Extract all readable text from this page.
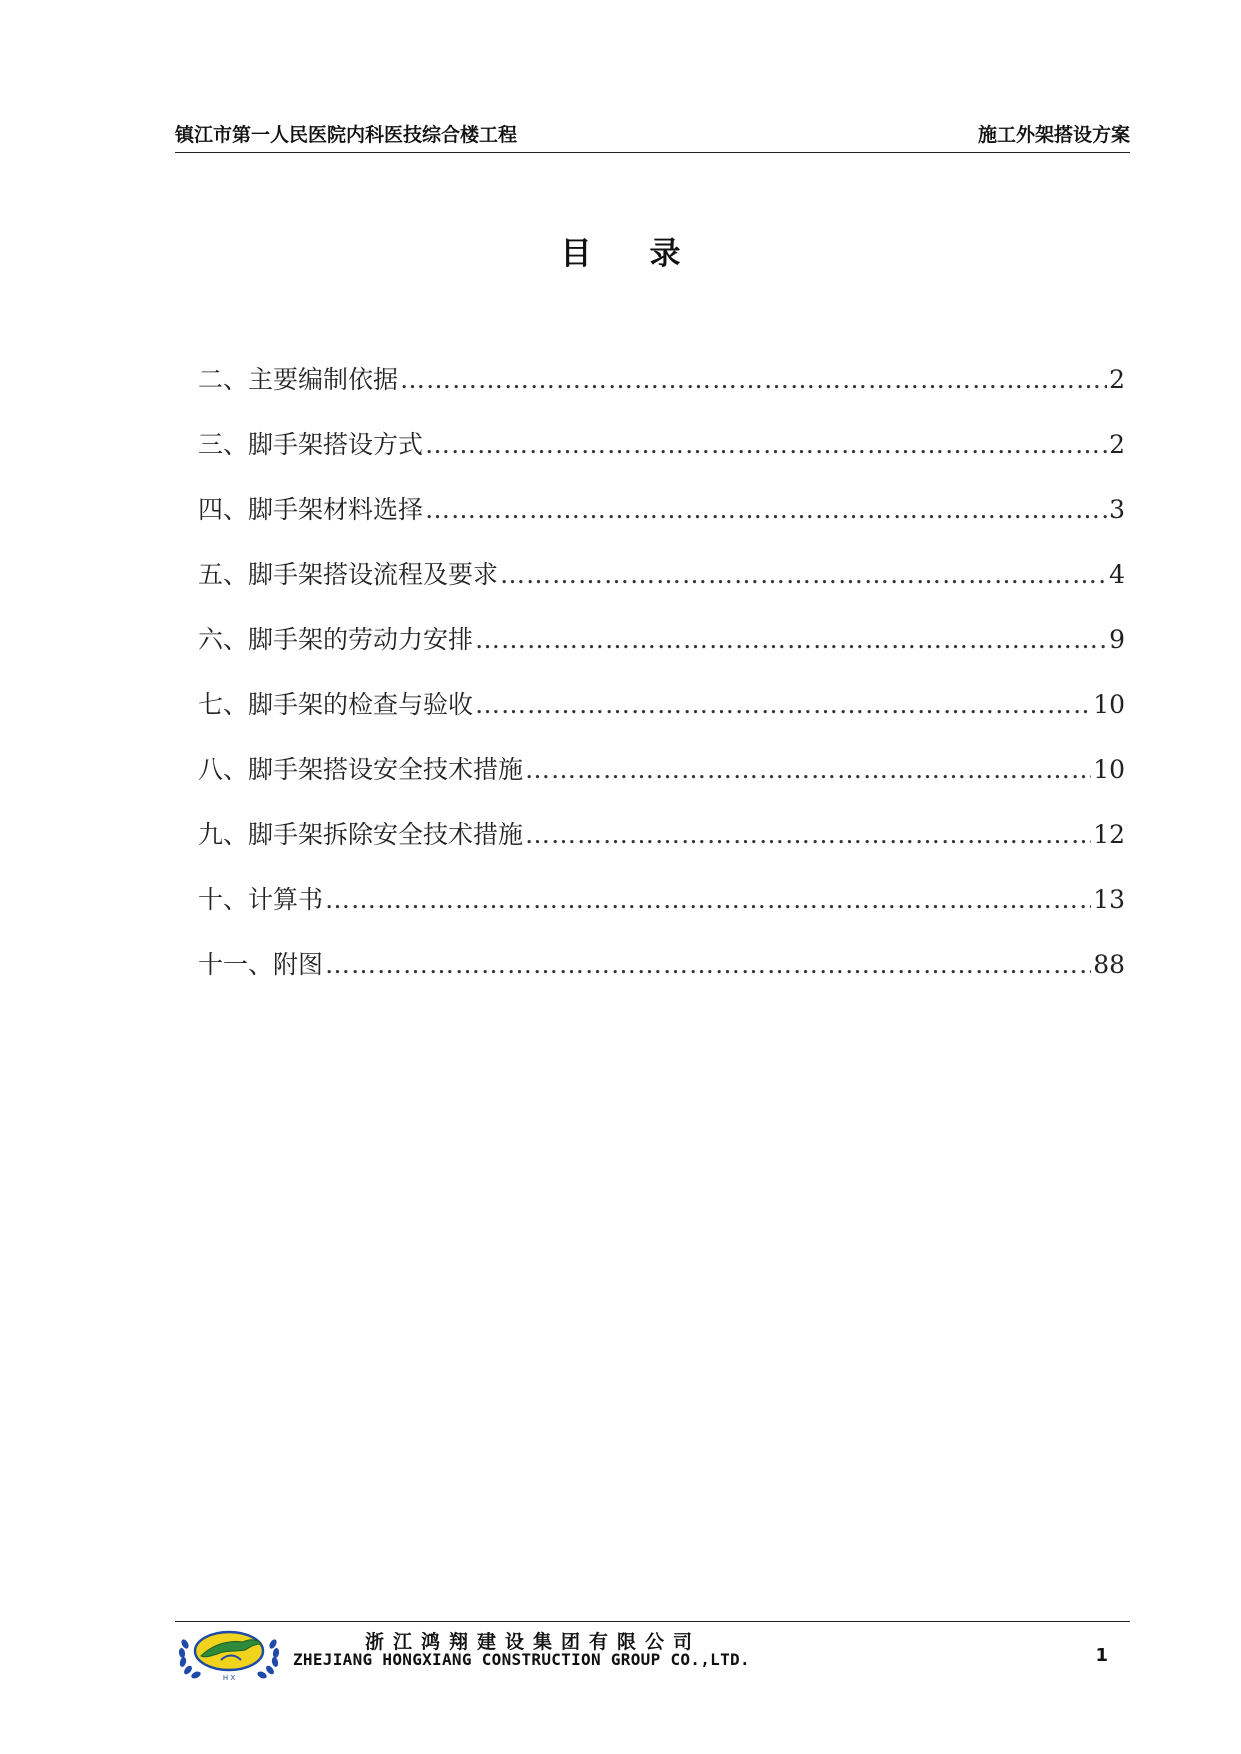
镇江市第一人民医院内科医技综合楼工程	施工外架搭设方案
目录
二、主要编制依据 …………………………………………………………………………………………………………………………………………………………	2
三、脚手架搭设方式 …………………………………………………………………………………………………………………………………………………………	2
四、脚手架材料选择 …………………………………………………………………………………………………………………………………………………………	3
五、脚手架搭设流程及要求 …………………………………………………………………………………………………………………………………………………………	4
六、脚手架的劳动力安排 …………………………………………………………………………………………………………………………………………………………	9
七、脚手架的检查与验收 …………………………………………………………………………………………………………………………………………………………	10
八、脚手架搭设安全技术措施 …………………………………………………………………………………………………………………………………………………………	10
九、脚手架拆除安全技术措施 …………………………………………………………………………………………………………………………………………………………	12
十、计算书 …………………………………………………………………………………………………………………………………………………………	13
十一、附图 …………………………………………………………………………………………………………………………………………………………	88
H X
浙江鸿翔建设集团有限公司
ZHEJIANG HONGXIANG CONSTRUCTION GROUP CO.,LTD.	1
